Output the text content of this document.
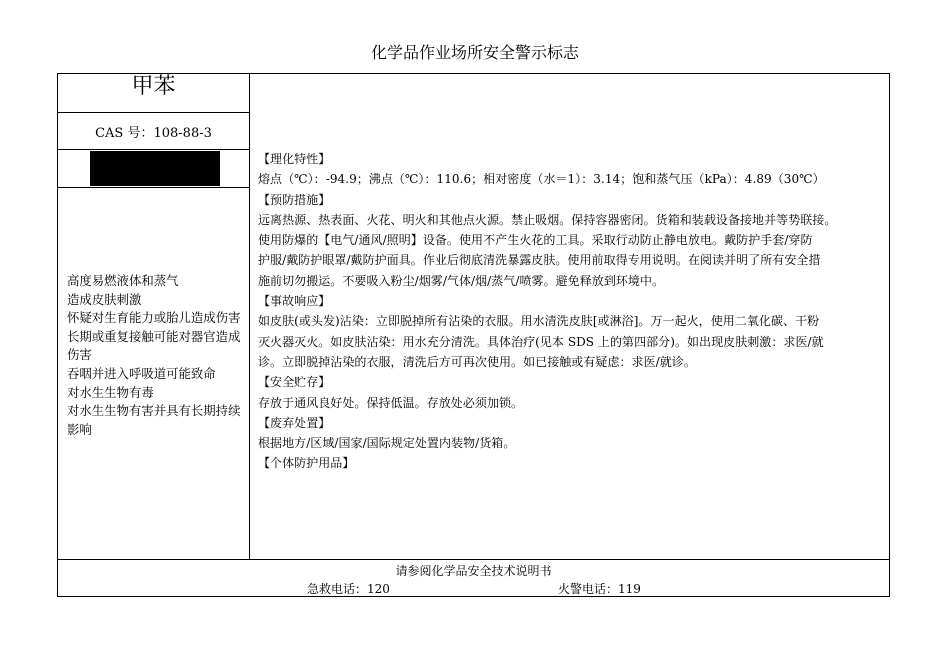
化学品作业场所安全警示标志
甲苯
CAS 号：108-88-3
高度易燃液体和蒸气
造成皮肤刺激
怀疑对生育能力或胎儿造成伤害
长期或重复接触可能对器官造成伤害
吞咽并进入呼吸道可能致命
对水生生物有毒
对水生生物有害并具有长期持续影响
【理化特性】
熔点（℃）：-94.9；沸点（℃）：110.6；相对密度（水＝1）：3.14；饱和蒸气压（kPa）：4.89（30℃）
【预防措施】
远离热源、热表面、火花、明火和其他点火源。禁止吸烟。保持容器密闭。货箱和装载设备接地并等势联接。
使用防爆的【电气/通风/照明】设备。使用不产生火花的工具。采取行动防止静电放电。戴防护手套/穿防
护服/戴防护眼罩/戴防护面具。作业后彻底清洗暴露皮肤。使用前取得专用说明。在阅读并明了所有安全措
施前切勿搬运。不要吸入粉尘/烟雾/气体/烟/蒸气/喷雾。避免释放到环境中。
【事故响应】
如皮肤(或头发)沾染：立即脱掉所有沾染的衣服。用水清洗皮肤[或淋浴]。万一起火，使用二氧化碳、干粉
灭火器灭火。如皮肤沾染：用水充分清洗。具体治疗(见本 SDS 上的第四部分)。如出现皮肤刺激：求医/就
诊。立即脱掉沾染的衣服，清洗后方可再次使用。如已接触或有疑虑：求医/就诊。
【安全贮存】
存放于通风良好处。保持低温。存放处必须加锁。
【废弃处置】
根据地方/区域/国家/国际规定处置内装物/货箱。
【个体防护用品】
请参阅化学品安全技术说明书
急救电话：120	火警电话：119
